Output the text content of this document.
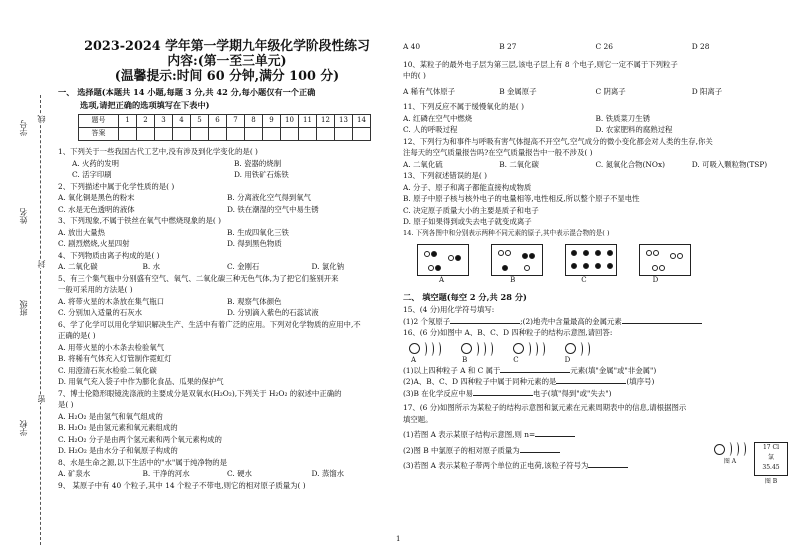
学号
姓名
班级
学校
线
封
密
2023-2024 学年第一学期九年级化学阶段性练习
内容:(第一至三单元)
(温馨提示:时间 60 分钟,满分 100 分)
一、 选择题(本题共 14 小题,每题 3 分,共 42 分,每小题仅有一个正确
选项,请把正确的选项填写在下表中)
题号	1	2	3	4	5	6	7	8	9	10	11	12	13	14
答案														
1、下列关于一些我国古代工艺中,没有涉及到化学变化的是( )
A. 火药的发明	B. 瓷器的烧制
C. 活字印刷	D. 用铁矿石炼铁
2、下列描述中属于化学性质的是( )
A. 氧化铜是黑色的粉末	B. 分离液化空气得到氧气
C. 水是无色透明的液体	D. 铁在潮湿的空气中易生锈
3、下列现象,不属于铁丝在氧气中燃烧现象的是( )
A. 放出大量热	B. 生成四氧化三铁
C. 剧烈燃烧,火星四射	D. 得到黑色物质
4、下列物质由离子构成的是( )
A. 二氧化碳	B. 水	C. 金刚石	D. 氯化钠
5、有三个集气瓶中分别盛有空气、氧气、二氧化碳三种无色气体,为了把它们鉴别开来
一般可采用的方法是( )
A. 将带火星的木条放在集气瓶口	B. 观察气体颜色
C. 分别加入适量的石灰水	D. 分别滴入紫色的石蕊试液
6、学了化学可以用化学知识解决生产、生活中有着广泛的应用。下列对化学物质的应用中,不
正确的是( )
A. 用带火星的小木条去检验氧气
B. 将稀有气体充入灯管制作霓虹灯
C. 用澄清石灰水检验二氧化碳
D. 用氧气充入袋子中作为膨化食品、瓜果的保护气
7、博士伦隐形眼镜洗涤液的主要成分是双氧水(H₂O₂),下列关于 H₂O₂ 的叙述中正确的
是( )
A. H₂O₂ 是由氢气和氧气组成的
B. H₂O₂ 是由氢元素和氧元素组成的
C. H₂O₂ 分子是由两个氢元素和两个氧元素构成的
D. H₂O₂ 是由水分子和氧原子构成的
8、水是生命之源,以下生活中的"水"属于纯净物的是
A. 矿泉水	B. 干净的河水	C. 硬水	D. 蒸馏水
9、 某原子中有 40 个粒子,其中 14 个粒子不带电,则它的相对原子质量为( )
A 40	B 27	C 26	D 28
10、某粒子的最外电子层为第三层,该电子层上有 8 个电子,则它一定不属于下列粒子
中的( )
A 稀有气体原子	B 金属原子	C 阴离子	D 阳离子
11、下列反应不属于缓慢氧化的是( )
A. 红磷在空气中燃烧	B. 铁质菜刀生锈
C. 人的呼吸过程	D. 农家肥料的腐熟过程
12、下列行为和事件与呼吸有害气体提高不开空气,空气成分的微小变化都会对人类的生存,你关
注每天的空气质量报告吗?在空气质量报告中一般不涉及( )
A. 二氧化硫	B. 二氧化碳	C. 氮氧化合物(NOx)	D. 可吸入颗粒物(TSP)
13、下列叙述错误的是( )
A. 分子、原子和离子都能直接构成物质
B. 原子中原子核与核外电子的电量相等,电性相反,所以整个原子不显电性
C. 决定原子质量大小的主要是质子和电子
D. 原子如果得到或失去电子就变成离子
14. 下列各图中和分别表示两种不同元素的原子,其中表示混合物的是( )
A	B	C	D
二、 填空题(每空 2 分,共 28 分)
15、(4 分)用化学符号填写:
(1)2 个氖原子	;(2)地壳中含量最高的金属元素
16、(6 分)如图中 A、B、C、D 四种粒子的结构示意图,请回答:
A	B	C	D
(1)以上四种粒子 A 和 C 属于	元素(填"金属"或"非金属")
(2)A、B、C、D 四种粒子中属于同种元素的是	(填序号)
(3)B 在化学反应中易	电子(填"得到"或"失去")
17、(6 分)如图所示为某粒子的结构示意图和氯元素在元素周期表中的信息,请根据图示
填空题。
(1)若图 A 表示某原子结构示意图,则 n=
(2)图 B 中氯原子的相对原子质量为
(3)若图 A 表示某粒子带两个单位的正电荷,该粒子符号为	图 A
17 Cl
氯
35.45
图 B
1
